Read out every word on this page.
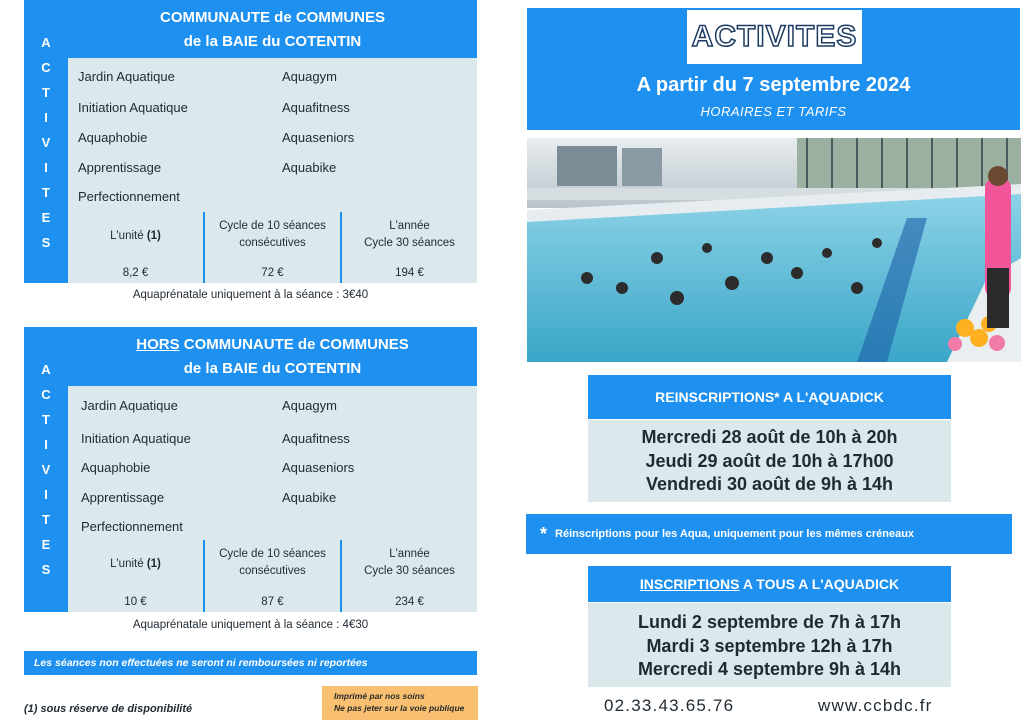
A
C
T
I
V
I
T
E
S
COMMUNAUTE de COMMUNES
de la BAIE du COTENTIN
Jardin Aquatique
Initiation Aquatique
Aquaphobie
Apprentissage
Perfectionnement
Aquagym
Aquafitness
Aquaseniors
Aquabike
L'unité (1)
8,2 €
Cycle de 10 séances
consécutives
72 €
L'année
Cycle 30 séances
194 €
Aquaprénatale uniquement à la séance : 3€40
A
C
T
I
V
I
T
E
S
HORS COMMUNAUTE de COMMUNES
de la BAIE du COTENTIN
Jardin Aquatique
Initiation Aquatique
Aquaphobie
Apprentissage
Perfectionnement
Aquagym
Aquafitness
Aquaseniors
Aquabike
L'unité (1)
10 €
Cycle de 10 séances
consécutives
87 €
L'année
Cycle 30 séances
234 €
Aquaprénatale uniquement à la séance : 4€30
Les séances non effectuées ne seront ni remboursées ni reportées
(1) sous réserve de disponibilité
Imprimé par nos soins
Ne pas jeter sur la voie publique
ACTIVITES
A partir du 7 septembre 2024
HORAIRES ET TARIFS
REINSCRIPTIONS* A L'AQUADICK
Mercredi 28 août de 10h à 20h
Jeudi 29 août de 10h à 17h00
Vendredi 30 août de 9h à 14h
* Réinscriptions pour les Aqua, uniquement pour les mêmes créneaux
INSCRIPTIONS A TOUS A L'AQUADICK
Lundi 2 septembre de 7h à 17h
Mardi 3 septembre 12h à 17h
Mercredi 4 septembre 9h à 14h
02.33.43.65.76	www.ccbdc.fr
